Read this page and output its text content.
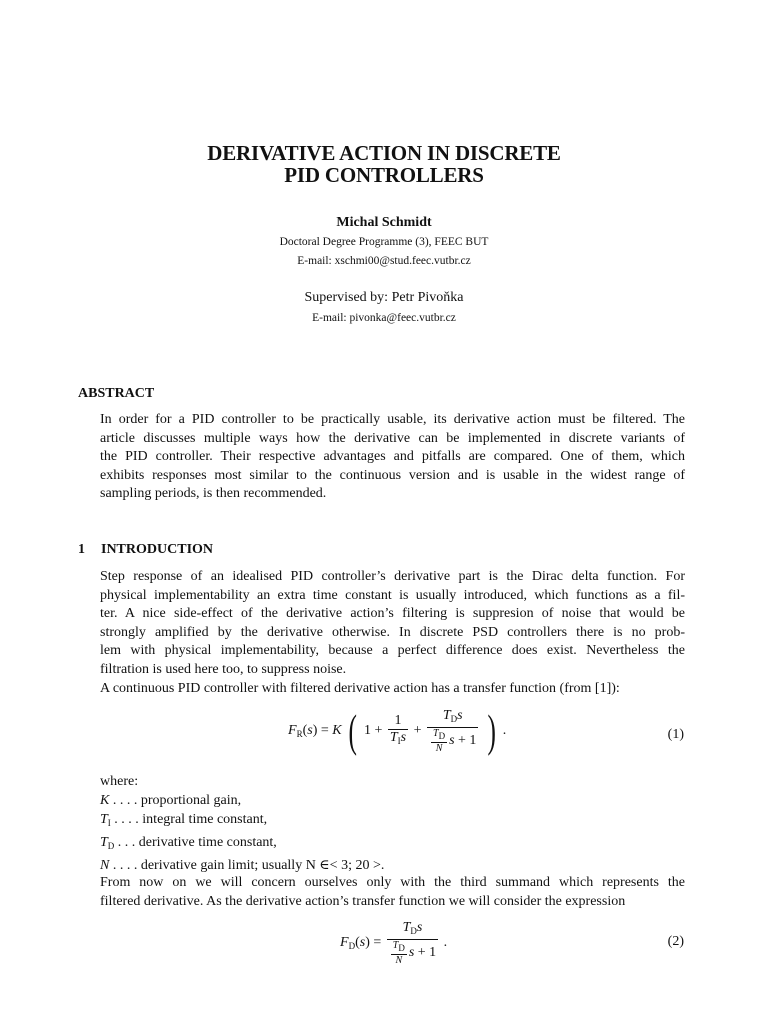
DERIVATIVE ACTION IN DISCRETE
PID CONTROLLERS
Michal Schmidt
Doctoral Degree Programme (3), FEEC BUT
E-mail: xschmi00@stud.feec.vutbr.cz
Supervised by: Petr Pivoňka
E-mail: pivonka@feec.vutbr.cz
ABSTRACT
In order for a PID controller to be practically usable, its derivative action must be filtered. The
article discusses multiple ways how the derivative can be implemented in discrete variants of
the PID controller. Their respective advantages and pitfalls are compared. One of them, which
exhibits responses most similar to the continuous version and is usable in the widest range of
sampling periods, is then recommended.
1 INTRODUCTION
Step response of an idealised PID controller’s derivative part is the Dirac delta function. For
physical implementability an extra time constant is usually introduced, which functions as a fil-
ter. A nice side-effect of the derivative action’s filtering is suppresion of noise that would be
strongly amplified by the derivative otherwise. In discrete PSD controllers there is no prob-
lem with physical implementability, because a perfect difference does exist. Nevertheless the
filtration is used here too, to suppress noise.
A continuous PID controller with filtered derivative action has a transfer function (from [1]):
$F_R(s) = K$ ( $1 + \frac{1}{T_Is} + \frac{T_Ds}{\frac{T_D}{N} s + 1}$ ) .	(1)
where:
K . . . . proportional gain,
$T_I$ . . . . integral time constant,
$T_D$ . . . derivative time constant,
N . . . . derivative gain limit; usually N ∈< 3; 20 >.
From now on we will concern ourselves only with the third summand which represents the
filtered derivative. As the derivative action’s transfer function we will consider the expression
$F_D(s) = \frac{T_Ds}{\frac{T_D}{N} s + 1}$ .	(2)
